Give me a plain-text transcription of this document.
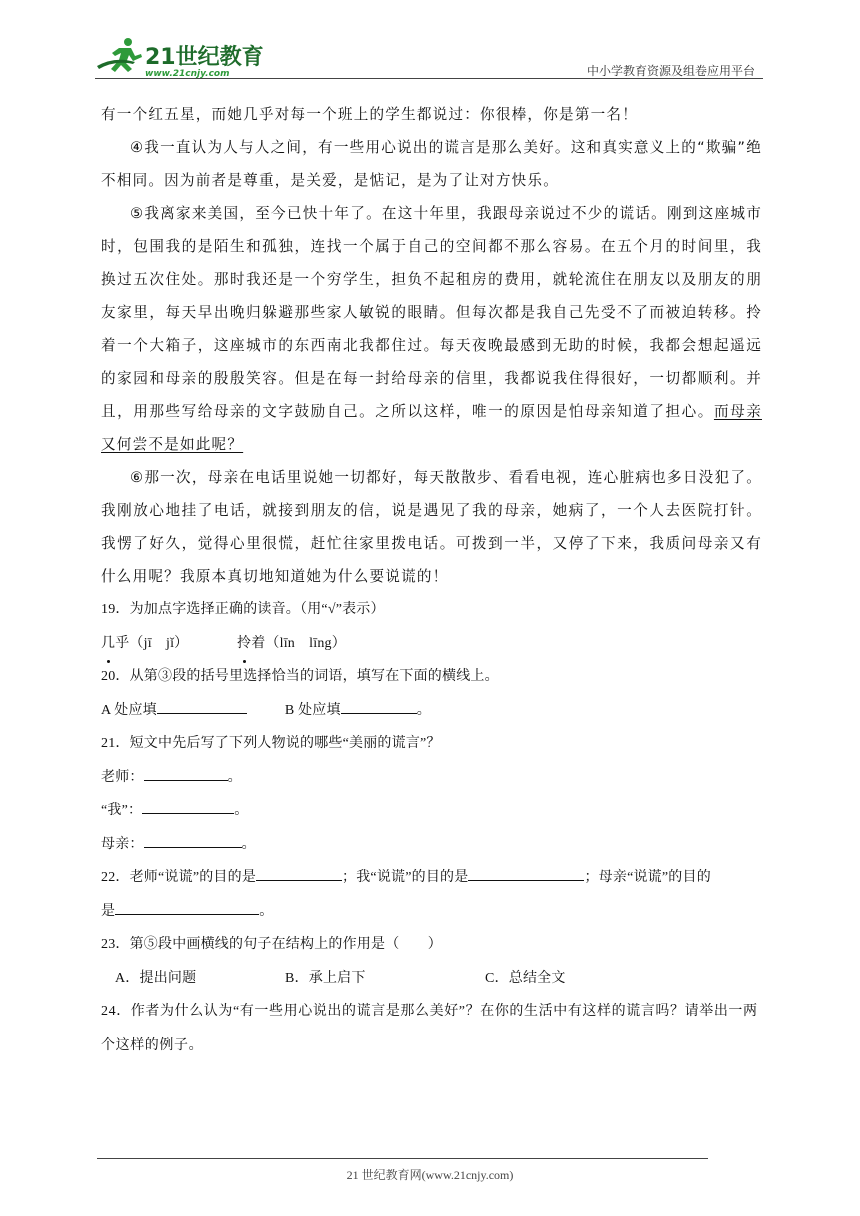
21世纪教育
www.21cnjy.com	中小学教育资源及组卷应用平台

有一个红五星，而她几乎对每一个班上的学生都说过：你很棒，你是第一名！

④我一直认为人与人之间，有一些用心说出的谎言是那么美好。这和真实意义上的“欺骗”绝不相同。因为前者是尊重，是关爱，是惦记，是为了让对方快乐。

⑤我离家来美国，至今已快十年了。在这十年里，我跟母亲说过不少的谎话。刚到这座城市时，包围我的是陌生和孤独，连找一个属于自己的空间都不那么容易。在五个月的时间里，我换过五次住处。那时我还是一个穷学生，担负不起租房的费用，就轮流住在朋友以及朋友的朋友家里，每天早出晚归躲避那些家人敏锐的眼睛。但每次都是我自己先受不了而被迫转移。拎着一个大箱子，这座城市的东西南北我都住过。每天夜晚最感到无助的时候，我都会想起遥远的家园和母亲的殷殷笑容。但是在每一封给母亲的信里，我都说我住得很好，一切都顺利。并且，用那些写给母亲的文字鼓励自己。之所以这样，唯一的原因是怕母亲知道了担心。而母亲又何尝不是如此呢？

⑥那一次，母亲在电话里说她一切都好，每天散散步、看看电视，连心脏病也多日没犯了。我刚放心地挂了电话，就接到朋友的信，说是遇见了我的母亲，她病了，一个人去医院打针。我愣了好久，觉得心里很慌，赶忙往家里拨电话。可拨到一半，又停了下来，我质问母亲又有什么用呢？我原本真切地知道她为什么要说谎的！

19．为加点字选择正确的读音。（用“√”表示）

几乎（jī　jǐ）	拎着（līn　līng）

20．从第③段的括号里选择恰当的词语，填写在下面的横线上。

A 处应填	B 处应填	。

21．短文中先后写了下列人物说的哪些“美丽的谎言”？

老师：	。

“我”：	。

母亲：	。

22．老师“说谎”的目的是	；我“说谎”的目的是	；母亲“说谎”的目的

是	。

23．第⑤段中画横线的句子在结构上的作用是（　　）

A．提出问题	B．承上启下	C．总结全文

24．作者为什么认为“有一些用心说出的谎言是那么美好”？在你的生活中有这样的谎言吗？请举出一两个这样的例子。

21 世纪教育网(www.21cnjy.com)
